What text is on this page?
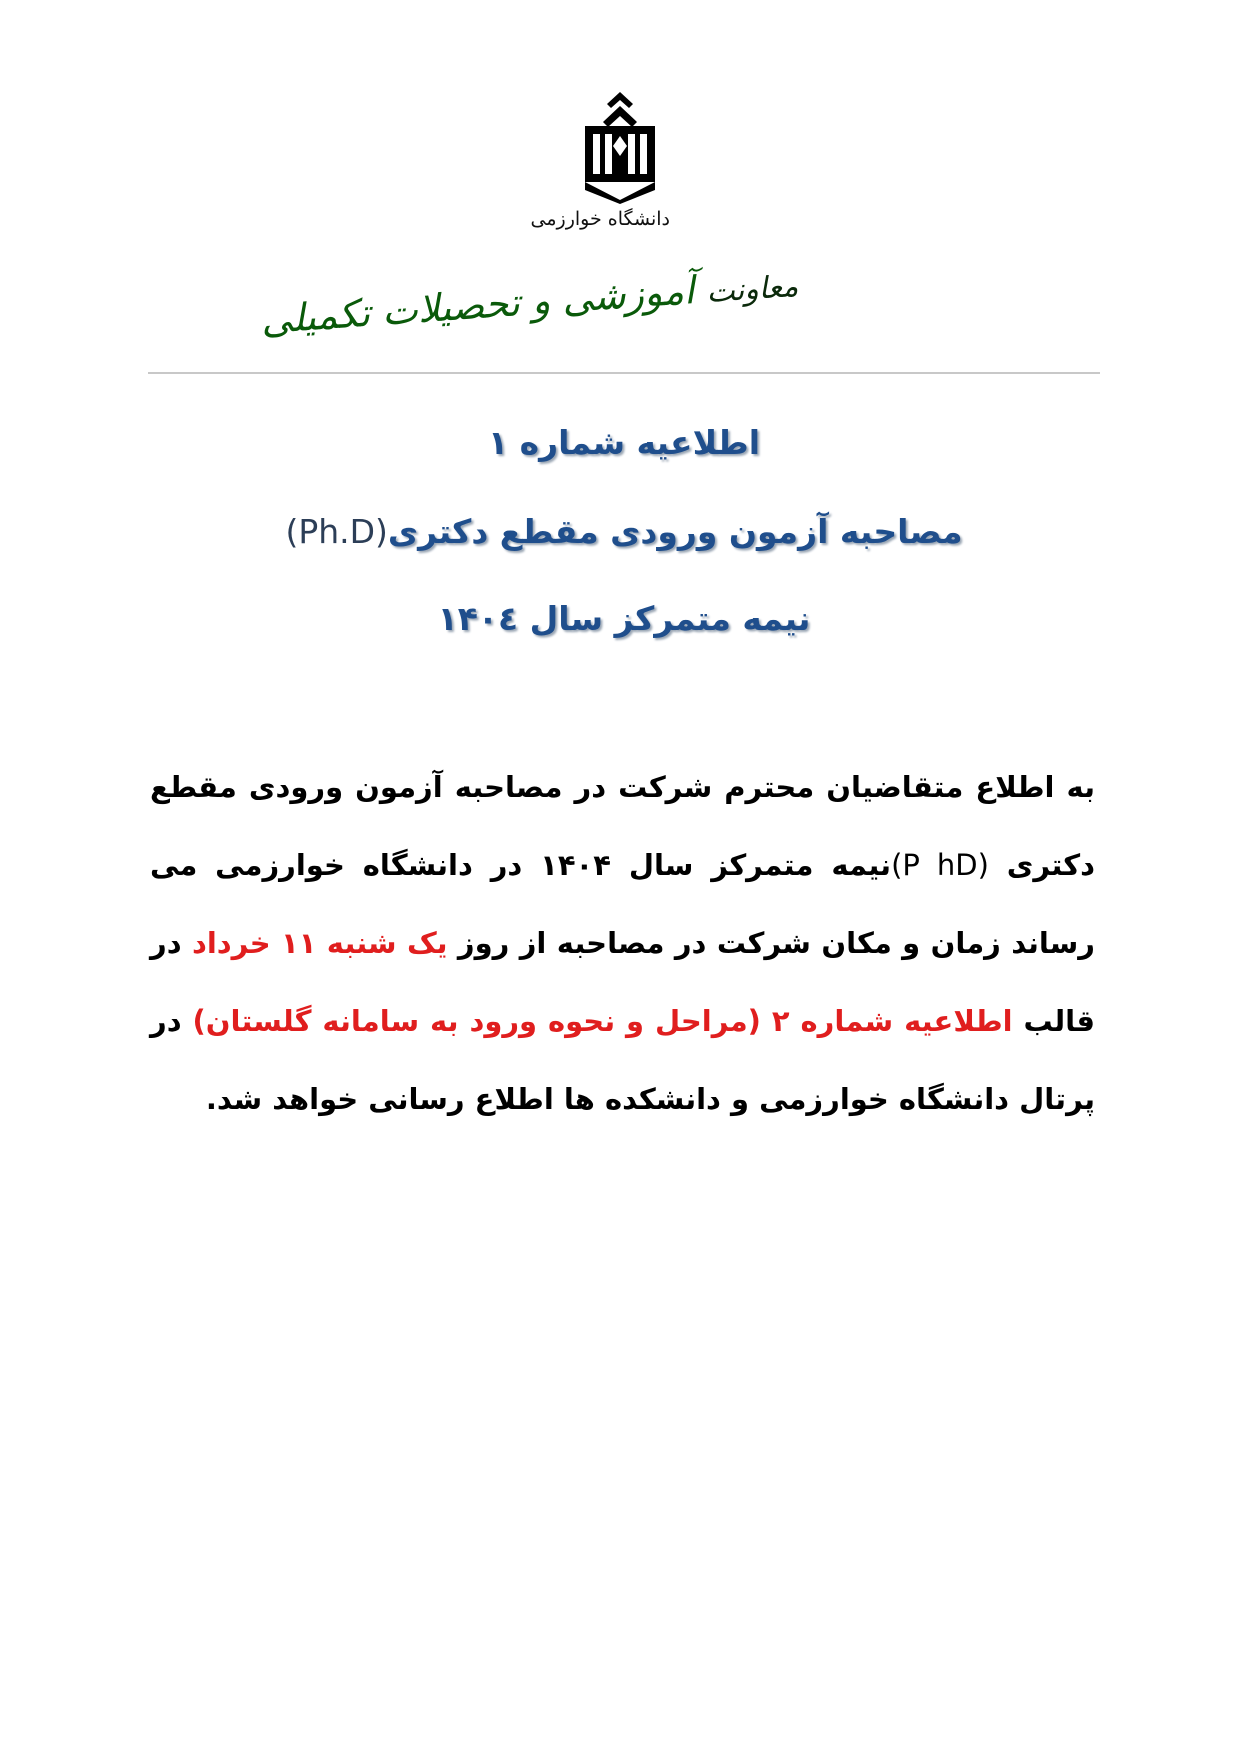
دانشگاه خوارزمی
معاونت آموزشی و تحصیلات تکمیلی
اطلاعیه شماره ۱
مصاحبه آزمون ورودی مقطع دکتری(Ph.D)
نیمه متمرکز سال ۱۴۰٤
به اطلاع متقاضیان محترم شرکت در مصاحبه آزمون ورودی مقطع دکتری (P hD)نیمه متمرکز سال ۱۴۰۴ در دانشگاه خوارزمی می رساند زمان و مکان شرکت در مصاحبه از روز یک شنبه ۱۱ خرداد در قالب اطلاعیه شماره ۲ (مراحل و نحوه ورود به سامانه گلستان) در پرتال دانشگاه خوارزمی و دانشکده ها اطلاع رسانی خواهد شد.
